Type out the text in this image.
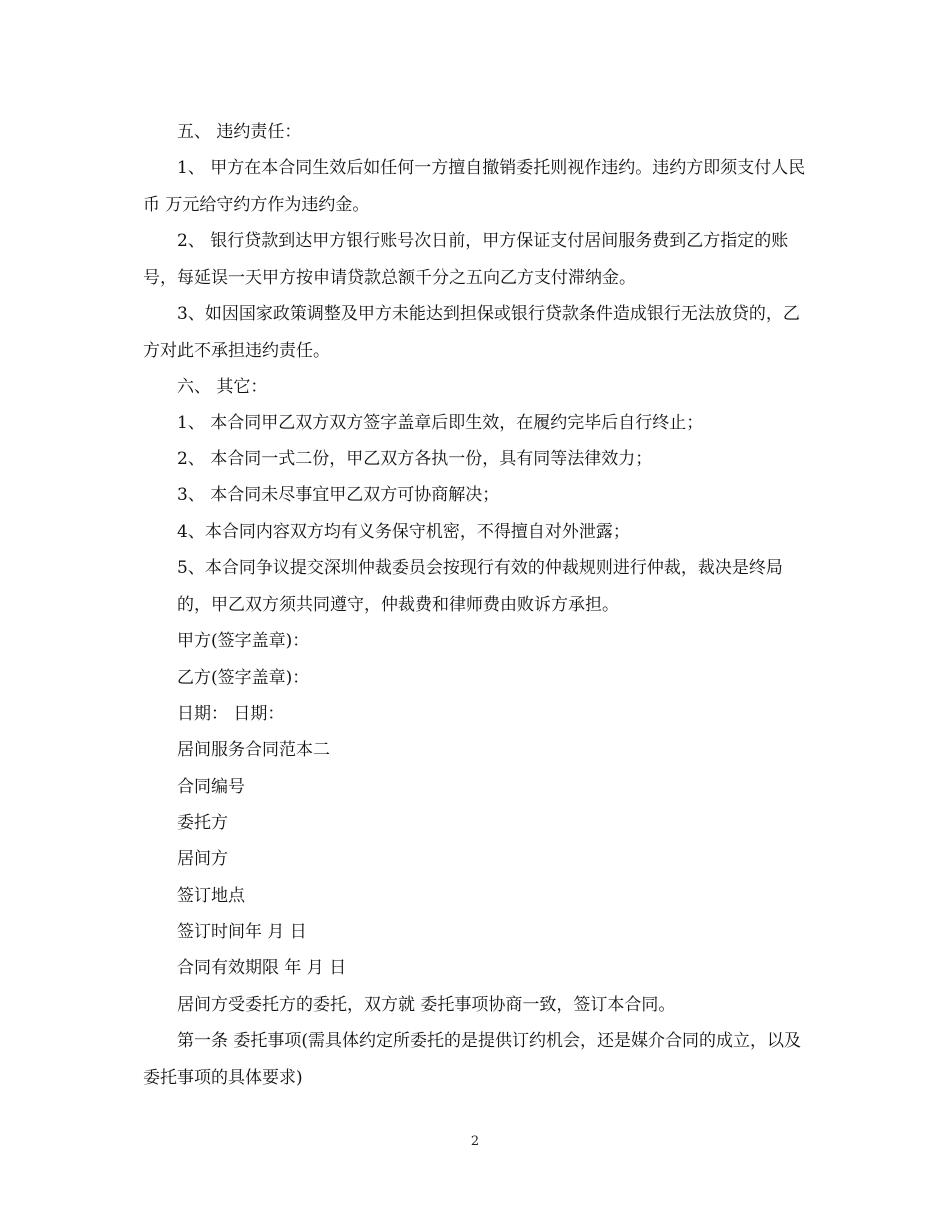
五、 违约责任：

1、 甲方在本合同生效后如任何一方擅自撤销委托则视作违约。违约方即须支付人民币 万元给守约方作为违约金。

2、 银行贷款到达甲方银行账号次日前，甲方保证支付居间服务费到乙方指定的账号，每延误一天甲方按申请贷款总额千分之五向乙方支付滞纳金。

3、如因国家政策调整及甲方未能达到担保或银行贷款条件造成银行无法放贷的，乙方对此不承担违约责任。

六、 其它：

1、 本合同甲乙双方双方签字盖章后即生效，在履约完毕后自行终止；

2、 本合同一式二份，甲乙双方各执一份，具有同等法律效力；

3、 本合同未尽事宜甲乙双方可协商解决；

4、本合同内容双方均有义务保守机密，不得擅自对外泄露；

5、本合同争议提交深圳仲裁委员会按现行有效的仲裁规则进行仲裁，裁决是终局的，甲乙双方须共同遵守，仲裁费和律师费由败诉方承担。

甲方(签字盖章)：

乙方(签字盖章)：

日期： 日期：

居间服务合同范本二

合同编号

委托方

居间方

签订地点

签订时间年 月 日

合同有效期限 年 月 日

居间方受委托方的委托，双方就 委托事项协商一致，签订本合同。

第一条 委托事项(需具体约定所委托的是提供订约机会，还是媒介合同的成立，以及委托事项的具体要求)

2
